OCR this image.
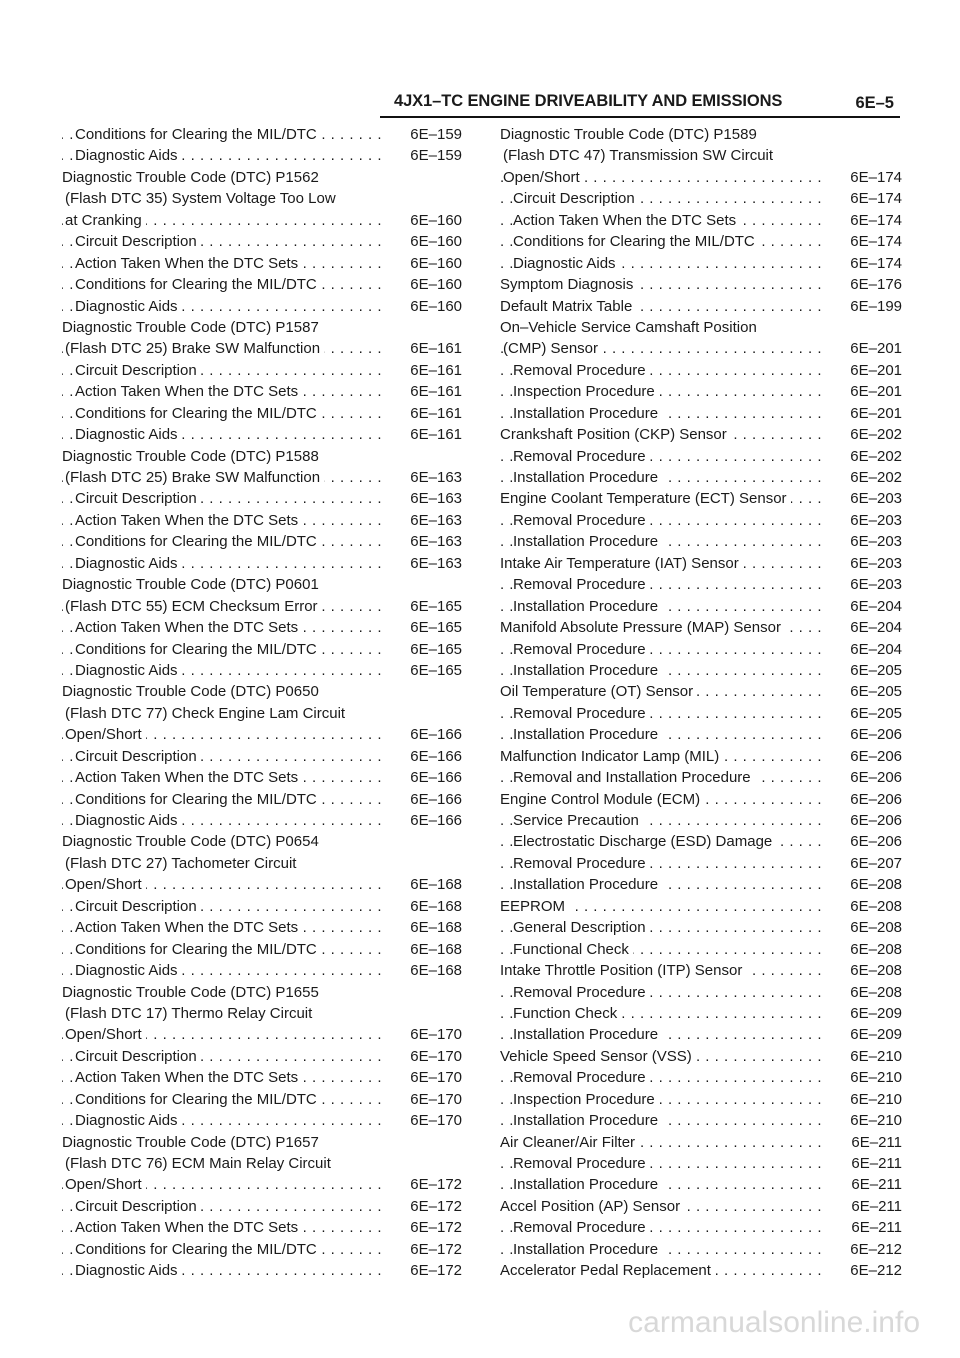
4JX1–TC ENGINE DRIVEABILITY AND EMISSIONS	6E–5
Conditions for Clearing the MIL/DTC . . .	6E–159
Diagnostic Aids . . .	6E–159
Diagnostic Trouble Code (DTC) P1562
(Flash DTC 35) System Voltage Too Low
at Cranking . . .	6E–160
Circuit Description . . .	6E–160
Action Taken When the DTC Sets . . .	6E–160
Conditions for Clearing the MIL/DTC . . .	6E–160
Diagnostic Aids . . .	6E–160
Diagnostic Trouble Code (DTC) P1587
(Flash DTC 25) Brake SW Malfunction . . .	6E–161
Circuit Description . . .	6E–161
Action Taken When the DTC Sets . . .	6E–161
Conditions for Clearing the MIL/DTC . . .	6E–161
Diagnostic Aids . . .	6E–161
Diagnostic Trouble Code (DTC) P1588
(Flash DTC 25) Brake SW Malfunction . . .	6E–163
Circuit Description . . .	6E–163
Action Taken When the DTC Sets . . .	6E–163
Conditions for Clearing the MIL/DTC . . .	6E–163
Diagnostic Aids . . .	6E–163
Diagnostic Trouble Code (DTC) P0601
(Flash DTC 55) ECM Checksum Error . . .	6E–165
Action Taken When the DTC Sets . . .	6E–165
Conditions for Clearing the MIL/DTC . . .	6E–165
Diagnostic Aids . . .	6E–165
Diagnostic Trouble Code (DTC) P0650
(Flash DTC 77) Check Engine Lam Circuit
Open/Short . . .	6E–166
Circuit Description . . .	6E–166
Action Taken When the DTC Sets . . .	6E–166
Conditions for Clearing the MIL/DTC . . .	6E–166
Diagnostic Aids . . .	6E–166
Diagnostic Trouble Code (DTC) P0654
(Flash DTC 27) Tachometer Circuit
Open/Short . . .	6E–168
Circuit Description . . .	6E–168
Action Taken When the DTC Sets . . .	6E–168
Conditions for Clearing the MIL/DTC . . .	6E–168
Diagnostic Aids . . .	6E–168
Diagnostic Trouble Code (DTC) P1655
(Flash DTC 17) Thermo Relay Circuit
Open/Short . . .	6E–170
Circuit Description . . .	6E–170
Action Taken When the DTC Sets . . .	6E–170
Conditions for Clearing the MIL/DTC . . .	6E–170
Diagnostic Aids . . .	6E–170
Diagnostic Trouble Code (DTC) P1657
(Flash DTC 76) ECM Main Relay Circuit
Open/Short . . .	6E–172
Circuit Description . . .	6E–172
Action Taken When the DTC Sets . . .	6E–172
Conditions for Clearing the MIL/DTC . . .	6E–172
Diagnostic Aids . . .	6E–172
Diagnostic Trouble Code (DTC) P1589
(Flash DTC 47) Transmission SW Circuit
Open/Short . . .	6E–174
Circuit Description . . .	6E–174
Action Taken When the DTC Sets . . .	6E–174
Conditions for Clearing the MIL/DTC . . .	6E–174
Diagnostic Aids . . .	6E–174
Symptom Diagnosis . . .	6E–176
Default Matrix Table . . .	6E–199
On–Vehicle Service Camshaft Position
(CMP) Sensor . . .	6E–201
Removal Procedure . . .	6E–201
Inspection Procedure . . .	6E–201
Installation Procedure . . .	6E–201
Crankshaft Position (CKP) Sensor . . .	6E–202
Removal Procedure . . .	6E–202
Installation Procedure . . .	6E–202
Engine Coolant Temperature (ECT) Sensor . . .	6E–203
Removal Procedure . . .	6E–203
Installation Procedure . . .	6E–203
Intake Air Temperature (IAT) Sensor . . .	6E–203
Removal Procedure . . .	6E–203
Installation Procedure . . .	6E–204
Manifold Absolute Pressure (MAP) Sensor . . .	6E–204
Removal Procedure . . .	6E–204
Installation Procedure . . .	6E–205
Oil Temperature (OT) Sensor . . .	6E–205
Removal Procedure . . .	6E–205
Installation Procedure . . .	6E–206
Malfunction Indicator Lamp (MIL) . . .	6E–206
Removal and Installation Procedure . . .	6E–206
Engine Control Module (ECM) . . .	6E–206
Service Precaution . . .	6E–206
Electrostatic Discharge (ESD) Damage . . .	6E–206
Removal Procedure . . .	6E–207
Installation Procedure . . .	6E–208
EEPROM . . .	6E–208
General Description . . .	6E–208
Functional Check . . .	6E–208
Intake Throttle Position (ITP) Sensor . . .	6E–208
Removal Procedure . . .	6E–208
Function Check . . .	6E–209
Installation Procedure . . .	6E–209
Vehicle Speed Sensor (VSS) . . .	6E–210
Removal Procedure . . .	6E–210
Inspection Procedure . . .	6E–210
Installation Procedure . . .	6E–210
Air Cleaner/Air Filter . . .	6E–211
Removal Procedure . . .	6E–211
Installation Procedure . . .	6E–211
Accel Position (AP) Sensor . . .	6E–211
Removal Procedure . . .	6E–211
Installation Procedure . . .	6E–212
Accelerator Pedal Replacement . . .	6E–212
carmanualsonline.info
